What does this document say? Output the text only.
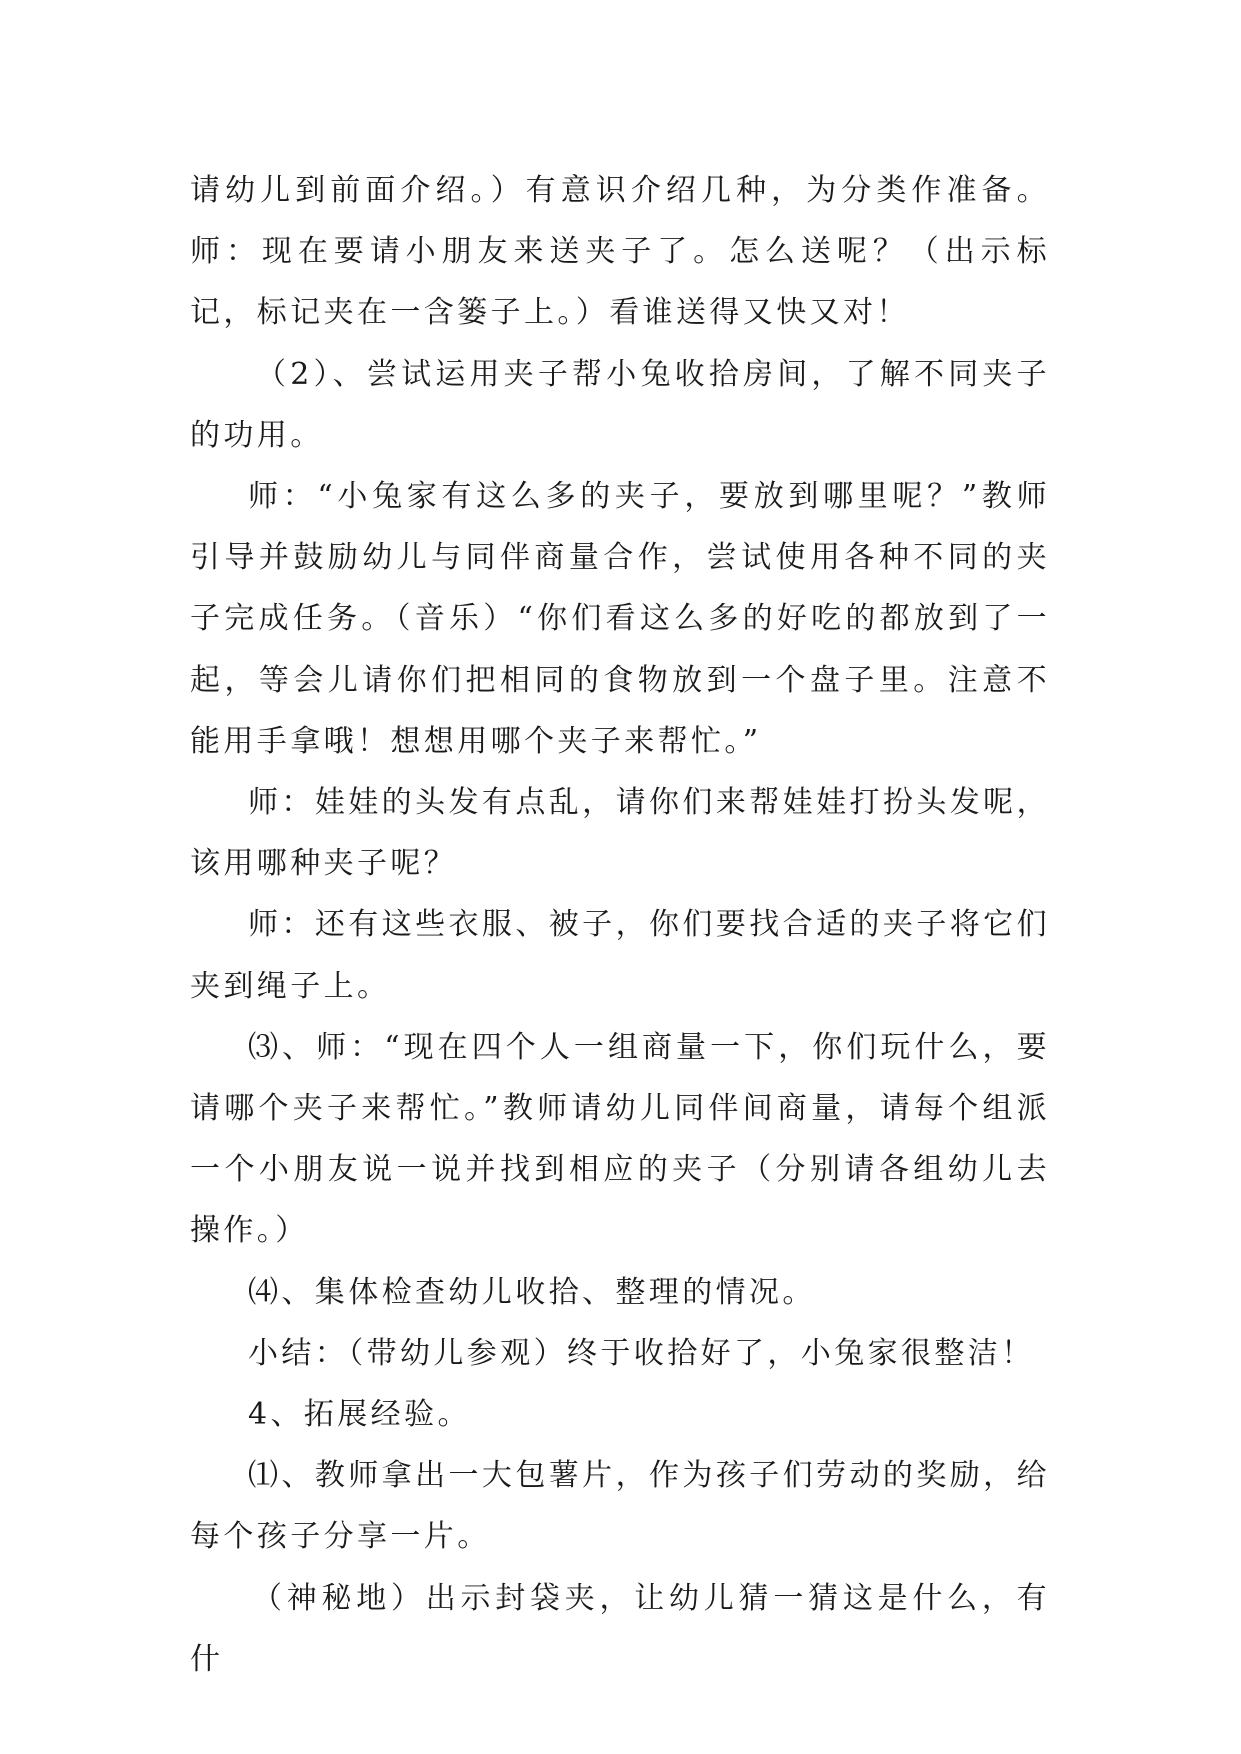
请幼儿到前面介绍。）有意识介绍几种，为分类作准备。师：现在要请小朋友来送夹子了。怎么送呢？（出示标记，标记夹在一含篓子上。）看谁送得又快又对！

（2）、尝试运用夹子帮小兔收拾房间，了解不同夹子的功用。

师：“小兔家有这么多的夹子，要放到哪里呢？”教师引导并鼓励幼儿与同伴商量合作，尝试使用各种不同的夹子完成任务。（音乐）“你们看这么多的好吃的都放到了一起，等会儿请你们把相同的食物放到一个盘子里。注意不能用手拿哦！想想用哪个夹子来帮忙。”

师：娃娃的头发有点乱，请你们来帮娃娃打扮头发呢，该用哪种夹子呢？

师：还有这些衣服、被子，你们要找合适的夹子将它们夹到绳子上。

⑶、师：“现在四个人一组商量一下，你们玩什么，要请哪个夹子来帮忙。”教师请幼儿同伴间商量，请每个组派一个小朋友说一说并找到相应的夹子（分别请各组幼儿去操作。）

⑷、集体检查幼儿收拾、整理的情况。

小结：（带幼儿参观）终于收拾好了，小兔家很整洁！

4、拓展经验。

⑴、教师拿出一大包薯片，作为孩子们劳动的奖励，给每个孩子分享一片。

（神秘地）出示封袋夹，让幼儿猜一猜这是什么，有什
